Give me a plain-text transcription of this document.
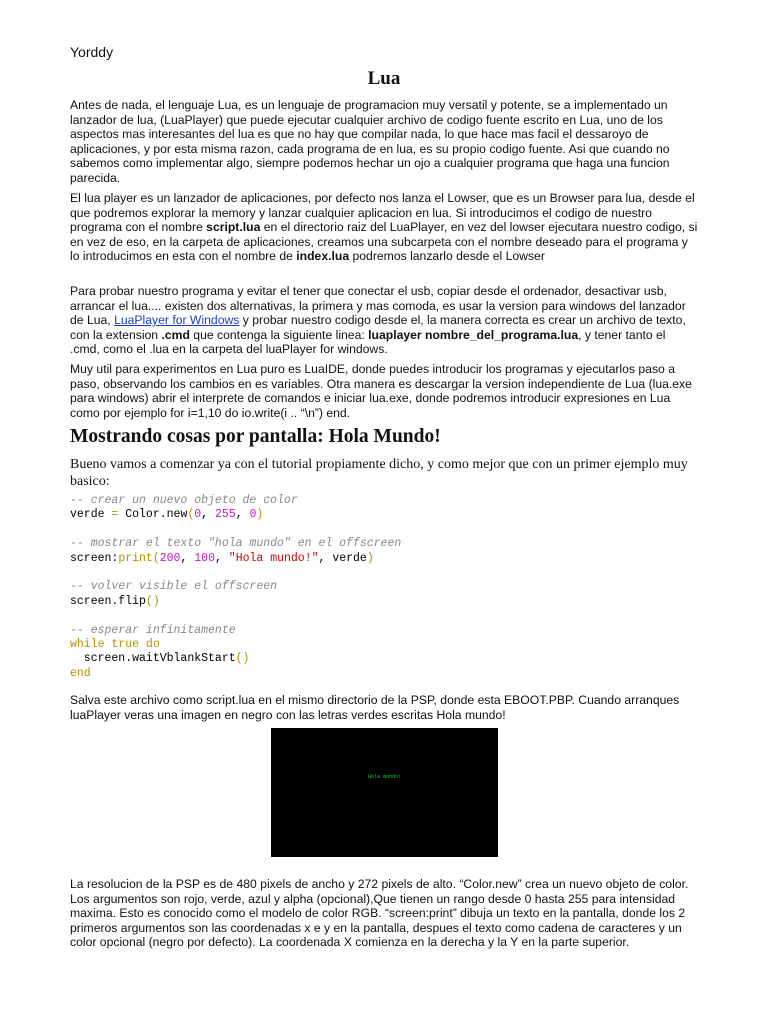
Yorddy
Lua

Antes de nada, el lenguaje Lua, es un lenguaje de programacion muy versatil y potente, se a implementado un lanzador de lua, (LuaPlayer) que puede ejecutar cualquier archivo de codigo fuente escrito en Lua, uno de los aspectos mas interesantes del lua es que no hay que compilar nada, lo que hace mas facil el dessaroyo de aplicaciones, y por esta misma razon, cada programa de en lua, es su propio codigo fuente. Asi que cuando no sabemos como implementar algo, siempre podemos hechar un ojo a cualquier programa que haga una funcion parecida.

El lua player es un lanzador de aplicaciones, por defecto nos lanza el Lowser, que es un Browser para lua, desde el que podremos explorar la memory y lanzar cualquier aplicacion en lua. Si introducimos el codigo de nuestro programa con el nombre script.lua en el directorio raiz del LuaPlayer, en vez del lowser ejecutara nuestro codigo, si en vez de eso, en la carpeta de aplicaciones, creamos una subcarpeta con el nombre deseado para el programa y lo introducimos en esta con el nombre de index.lua podremos lanzarlo desde el Lowser

Para probar nuestro programa y evitar el tener que conectar el usb, copiar desde el ordenador, desactivar usb, arrancar el lua.... existen dos alternativas, la primera y mas comoda, es usar la version para windows del lanzador de Lua, LuaPlayer for Windows y probar nuestro codigo desde el, la manera correcta es crear un archivo de texto, con la extension .cmd que contenga la siguiente linea: luaplayer nombre_del_programa.lua, y tener tanto el .cmd, como el .lua en la carpeta del luaPlayer for windows.

Muy util para experimentos en Lua puro es LuaIDE, donde puedes introducir los programas y ejecutarlos paso a paso, observando los cambios en es variables. Otra manera es descargar la version independiente de Lua (lua.exe para windows) abrir el interprete de comandos e iniciar lua.exe, donde podremos introducir expresiones en Lua como por ejemplo for i=1,10 do io.write(i .. “\n”) end.

Mostrando cosas por pantalla: Hola Mundo!

Bueno vamos a comenzar ya con el tutorial propiamente dicho, y como mejor que con un primer ejemplo muy basico:

-- crear un nuevo objeto de color
verde = Color.new(0, 255, 0)

-- mostrar el texto "hola mundo" en el offscreen
screen:print(200, 100, "Hola mundo!", verde)

-- volver visible el offscreen
screen.flip()

-- esperar infinitamente
while true do
screen.waitVblankStart()
end

Salva este archivo como script.lua en el mismo directorio de la PSP, donde esta EBOOT.PBP. Cuando arranques luaPlayer veras una imagen en negro con las letras verdes escritas Hola mundo!

Hola mundo!

La resolucion de la PSP es de 480 pixels de ancho y 272 pixels de alto. “Color.new” crea un nuevo objeto de color. Los argumentos son rojo, verde, azul y alpha (opcional),Que tienen un rango desde 0 hasta 255 para intensidad maxima. Esto es conocido como el modelo de color RGB. “screen:print” dibuja un texto en la pantalla, donde los 2 primeros argumentos son las coordenadas x e y en la pantalla, despues el texto como cadena de caracteres y un color opcional (negro por defecto). La coordenada X comienza en la derecha y la Y en la parte superior.
